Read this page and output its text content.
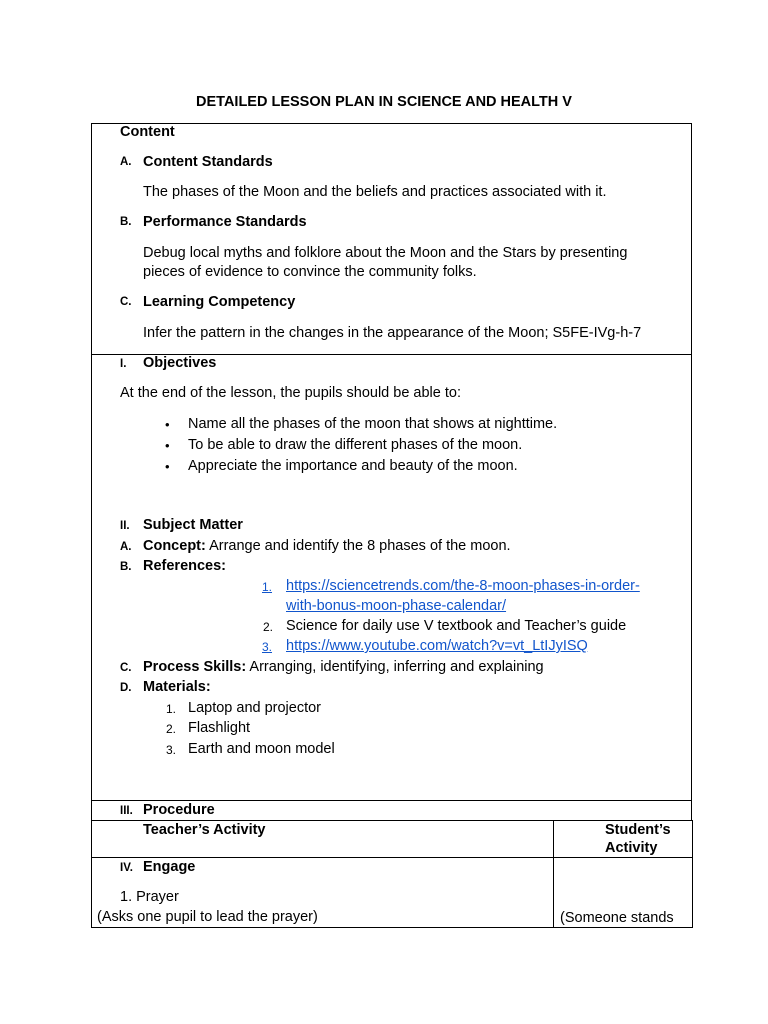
DETAILED LESSON PLAN IN SCIENCE AND HEALTH V
Content
A. Content Standards
The phases of the Moon and the beliefs and practices associated with it.
B. Performance Standards
Debug local myths and folklore about the Moon and the Stars by presenting
pieces of evidence to convince the community folks.
C. Learning Competency
Infer the pattern in the changes in the appearance of the Moon; S5FE-IVg-h-7
I. Objectives
At the end of the lesson, the pupils should be able to:
• Name all the phases of the moon that shows at nighttime.
• To be able to draw the different phases of the moon.
• Appreciate the importance and beauty of the moon.
II. Subject Matter
A. Concept: Arrange and identify the 8 phases of the moon.
B. References:
1. https://sciencetrends.com/the-8-moon-phases-in-order-
with-bonus-moon-phase-calendar/
2. Science for daily use V textbook and Teacher’s guide
3. https://www.youtube.com/watch?v=vt_LtIJyISQ
C. Process Skills: Arranging, identifying, inferring and explaining
D. Materials:
1. Laptop and projector
2. Flashlight
3. Earth and moon model
III. Procedure
Teacher’s Activity	Student’s
Activity
IV. Engage
1. Prayer
(Asks one pupil to lead the prayer)	(Someone stands
